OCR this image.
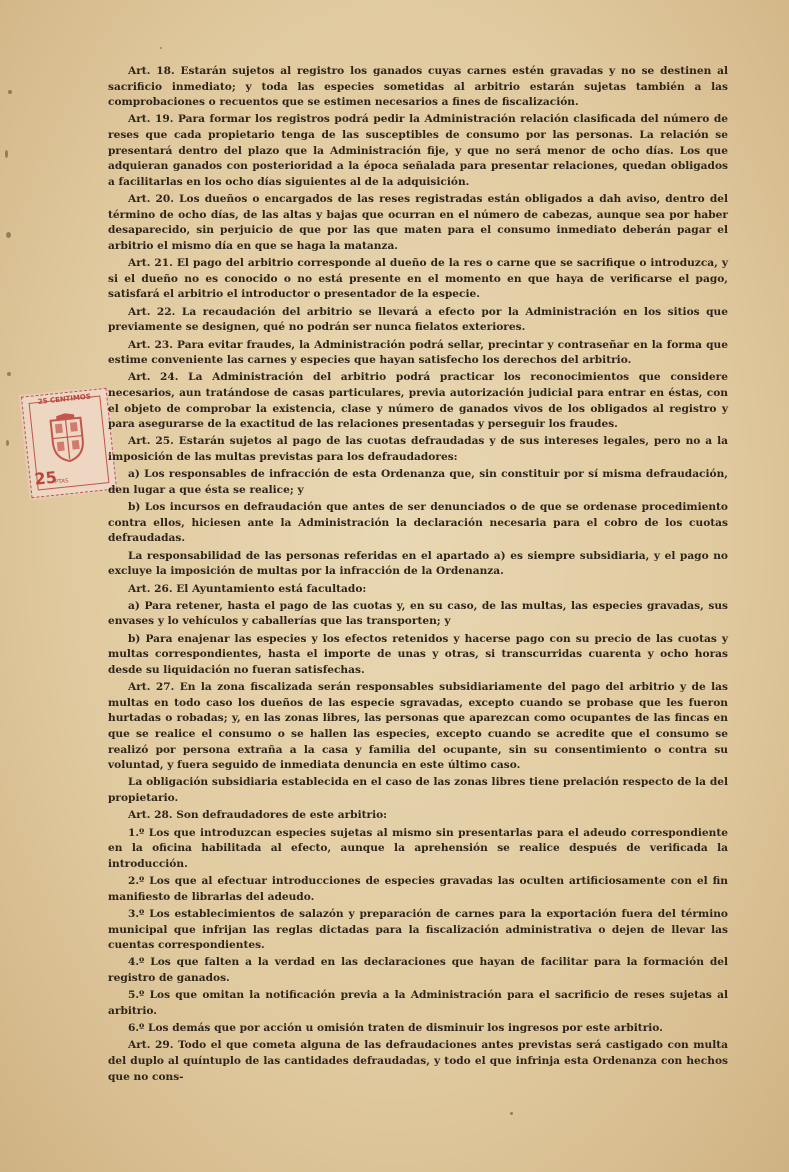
25 CENTIMOS
25
PTAS

Art. 18. Estarán sujetos al registro los ganados cuyas carnes estén gravadas y no se destinen al sacrificio inmediato; y toda las especies sometidas al arbitrio estarán sujetas también a las comprobaciones o recuentos que se estimen necesarios a fines de fiscalización.

Art. 19. Para formar los registros podrá pedir la Administración relación clasificada del número de reses que cada propietario tenga de las susceptibles de consumo por las personas. La relación se presentará dentro del plazo que la Administración fije, y que no será menor de ocho días. Los que adquieran ganados con posterioridad a la época señalada para presentar relaciones, quedan obligados a facilitarlas en los ocho días siguientes al de la adquisición.

Art. 20. Los dueños o encargados de las reses registradas están obligados a dah aviso, dentro del término de ocho días, de las altas y bajas que ocurran en el número de cabezas, aunque sea por haber desaparecido, sin perjuicio de que por las que maten para el consumo inmediato deberán pagar el arbitrio el mismo día en que se haga la matanza.

Art. 21. El pago del arbitrio corresponde al dueño de la res o carne que se sacrifique o introduzca, y si el dueño no es conocido o no está presente en el momento en que haya de verificarse el pago, satisfará el arbitrio el introductor o presentador de la especie.

Art. 22. La recaudación del arbitrio se llevará a efecto por la Administración en los sitios que previamente se designen, qué no podrán ser nunca fielatos exteriores.

Art. 23. Para evitar fraudes, la Administración podrá sellar, precintar y contraseñar en la forma que estime conveniente las carnes y especies que hayan satisfecho los derechos del arbitrio.

Art. 24. La Administración del arbitrio podrá practicar los reconocimientos que considere necesarios, aun tratándose de casas particulares, previa autorización judicial para entrar en éstas, con el objeto de comprobar la existencia, clase y número de ganados vivos de los obligados al registro y para asegurarse de la exactitud de las relaciones presentadas y perseguir los fraudes.

Art. 25. Estarán sujetos al pago de las cuotas defraudadas y de sus intereses legales, pero no a la imposición de las multas previstas para los defraudadores:

a) Los responsables de infracción de esta Ordenanza que, sin constituir por sí misma defraudación, den lugar a que ésta se realice; y

b) Los incursos en defraudación que antes de ser denunciados o de que se ordenase procedimiento contra ellos, hiciesen ante la Administración la declaración necesaria para el cobro de los cuotas defraudadas.

La responsabilidad de las personas referidas en el apartado a) es siempre subsidiaria, y el pago no excluye la imposición de multas por la infracción de la Ordenanza.

Art. 26. El Ayuntamiento está facultado:

a) Para retener, hasta el pago de las cuotas y, en su caso, de las multas, las especies gravadas, sus envases y lo vehículos y caballerías que las transporten; y

b) Para enajenar las especies y los efectos retenidos y hacerse pago con su precio de las cuotas y multas correspondientes, hasta el importe de unas y otras, si transcurridas cuarenta y ocho horas desde su liquidación no fueran satisfechas.

Art. 27. En la zona fiscalizada serán responsables subsidiariamente del pago del arbitrio y de las multas en todo caso los dueños de las especie sgravadas, excepto cuando se probase que les fueron hurtadas o robadas; y, en las zonas libres, las personas que aparezcan como ocupantes de las fincas en que se realice el consumo o se hallen las especies, excepto cuando se acredite que el consumo se realizó por persona extraña a la casa y familia del ocupante, sin su consentimiento o contra su voluntad, y fuera seguido de inmediata denuncia en este último caso.

La obligación subsidiaria establecida en el caso de las zonas libres tiene prelación respecto de la del propietario.

Art. 28. Son defraudadores de este arbitrio:

1.º Los que introduzcan especies sujetas al mismo sin presentarlas para el adeudo correspondiente en la oficina habilitada al efecto, aunque la aprehensión se realice después de verificada la introducción.

2.º Los que al efectuar introducciones de especies gravadas las oculten artificiosamente con el fin manifiesto de librarlas del adeudo.

3.º Los establecimientos de salazón y preparación de carnes para la exportación fuera del término municipal que infrijan las reglas dictadas para la fiscalización administrativa o dejen de llevar las cuentas correspondientes.

4.º Los que falten a la verdad en las declaraciones que hayan de facilitar para la formación del registro de ganados.

5.º Los que omitan la notificación previa a la Administración para el sacrificio de reses sujetas al arbitrio.

6.º Los demás que por acción u omisión traten de disminuir los ingresos por este arbitrio.

Art. 29. Todo el que cometa alguna de las defraudaciones antes previstas será castigado con multa del duplo al quíntuplo de las cantidades defraudadas, y todo el que infrinja esta Ordenanza con hechos que no cons-
